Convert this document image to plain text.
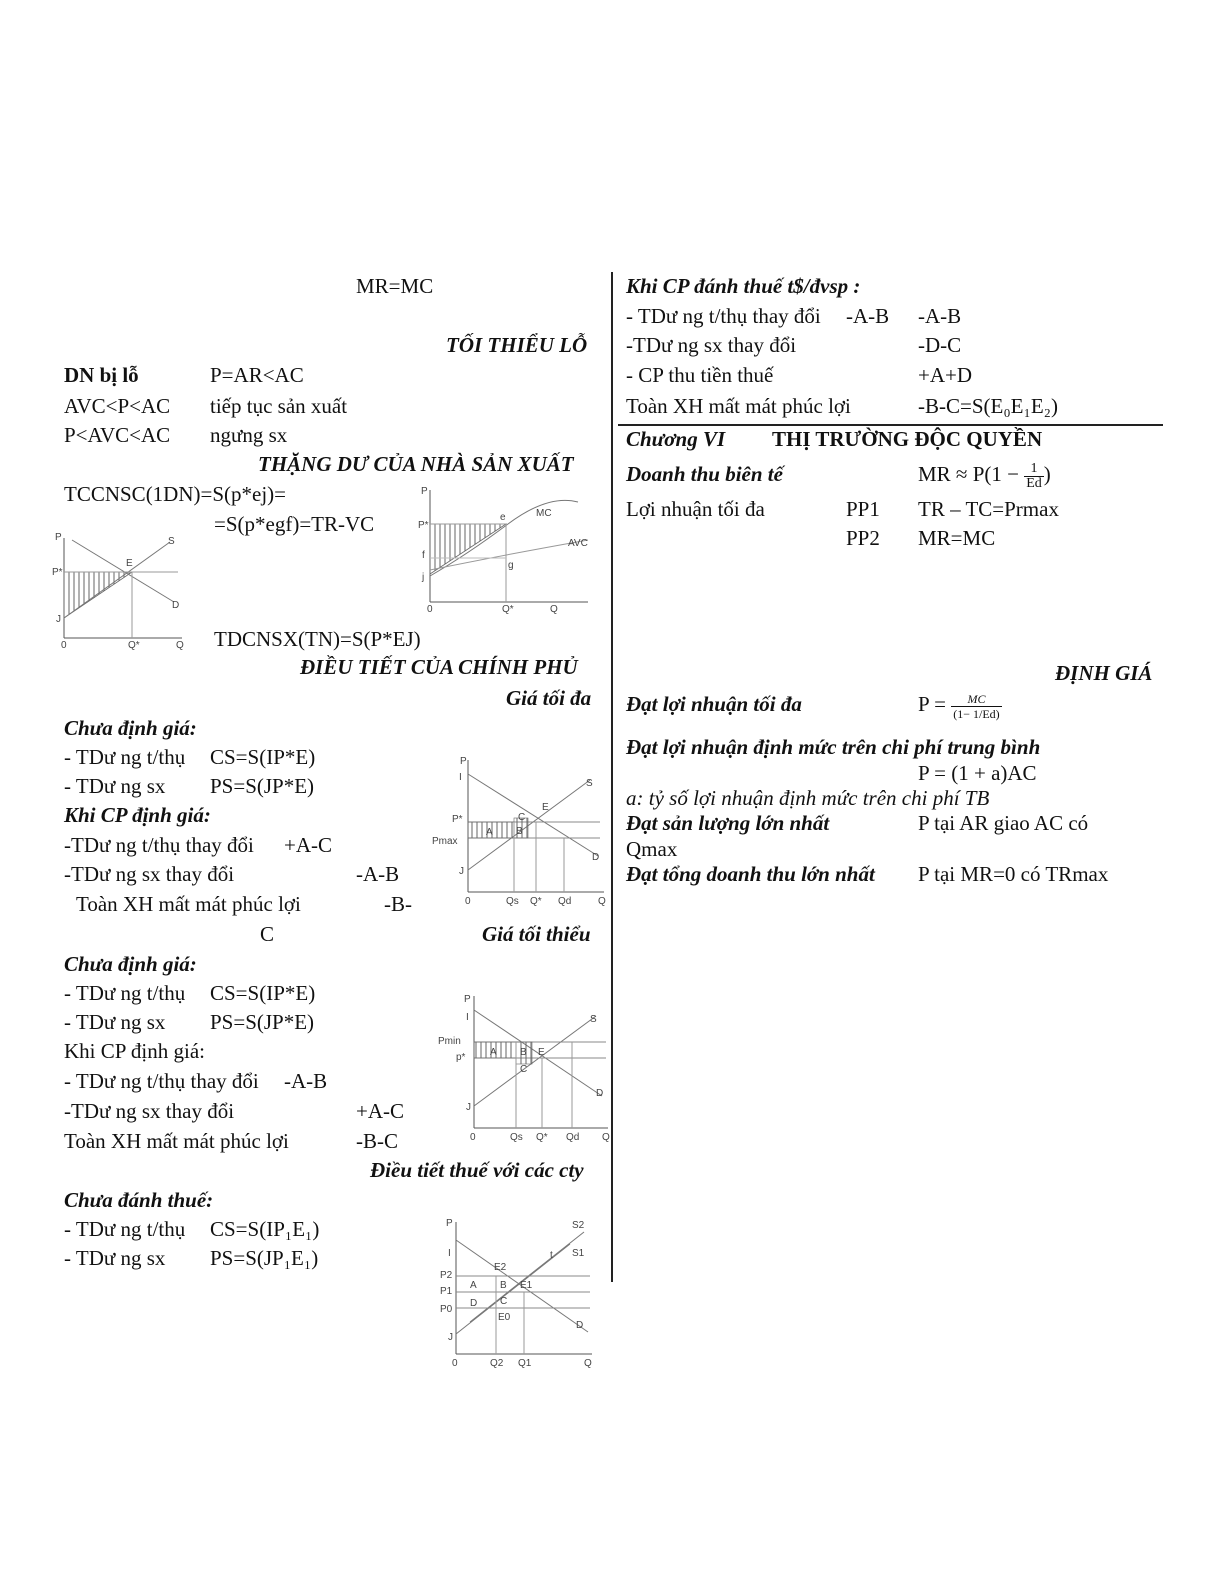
MR=MC
TỐI THIỂU LỖ
DN bị lỗ	P=AR<AC
AVC<P<AC tiếp tục sản xuất
P<AVC<AC ngưng sx
THẶNG DƯ CỦA NHÀ SẢN XUẤT
TCCNSC(1DN)=S(p*ej)=
=S(p*egf)=TR-VC
P
P*
E
S
D
J
0	Q*	Q
P
P*
f
j
e
g
MC
AVC
0	Q*	Q
TDCNSX(TN)=S(P*EJ)
ĐIỀU TIẾT CỦA CHÍNH PHỦ
Giá tối đa
Chưa định giá:
- TDư ng t/thụ CS=S(IP*E)
- TDư ng sx PS=S(JP*E)
Khi CP định giá:
-TDư ng t/thụ thay đổi +A-C
-TDư ng sx thay đổi	-A-B
Toàn XH mất mát phúc lợi	-B-
C	Giá tối thiểu
P
I
P*
Pmax
J
A B
C
E
S
D
0	Qs Q* Qd	Q
Chưa định giá:
- TDư ng t/thụ CS=S(IP*E)
- TDư ng sx PS=S(JP*E)
Khi CP định giá:
- TDư ng t/thụ thay đổi -A-B
-TDư ng sx thay đổi	+A-C
Toàn XH mất mát phúc lợi	-B-C
P
I
Pmin
p*
J
A B
C
E
S
D
0	Qs Q* Qd Q
Điều tiết thuế với các cty
Chưa đánh thuế:
- TDư ng t/thụ CS=S(IP₁E₁)
- TDư ng sx PS=S(JP₁E₁)
P
I
P2
P1
P0
J
A B
C
D
E2
E1
E0
t
S2
S1
D
0	Q2 Q1	Q
Khi CP đánh thuế t$/đvsp :
- TDư ng t/thụ thay đổi -A-B -A-B
-TDư ng sx thay đổi	-D-C
- CP thu tiền thuế	+A+D
Toàn XH mất mát phúc lợi	-B-C=S(E₀E₁E₂)
Chương VI THỊ TRƯỜNG ĐỘC QUYỀN
Doanh thu biên tế	MR ≈ $P(1 - \frac{1}{Ed}$ )
Lợi nhuận tối đa	PP1 TR – TC=Prmax
PP2 MR=MC
ĐỊNH GIÁ
Đạt lợi nhuận tối đa	$P = \frac{MC}{(1- 1/Ed)}$
Đạt lợi nhuận định mức trên chi phí trung bình
P = (1 + a)AC
a: tỷ số lợi nhuận định mức trên chi phí TB
Đạt sản lượng lớn nhất	P tại AR giao AC có
Qmax
Đạt tổng doanh thu lớn nhất P tại MR=0 có TRmax
